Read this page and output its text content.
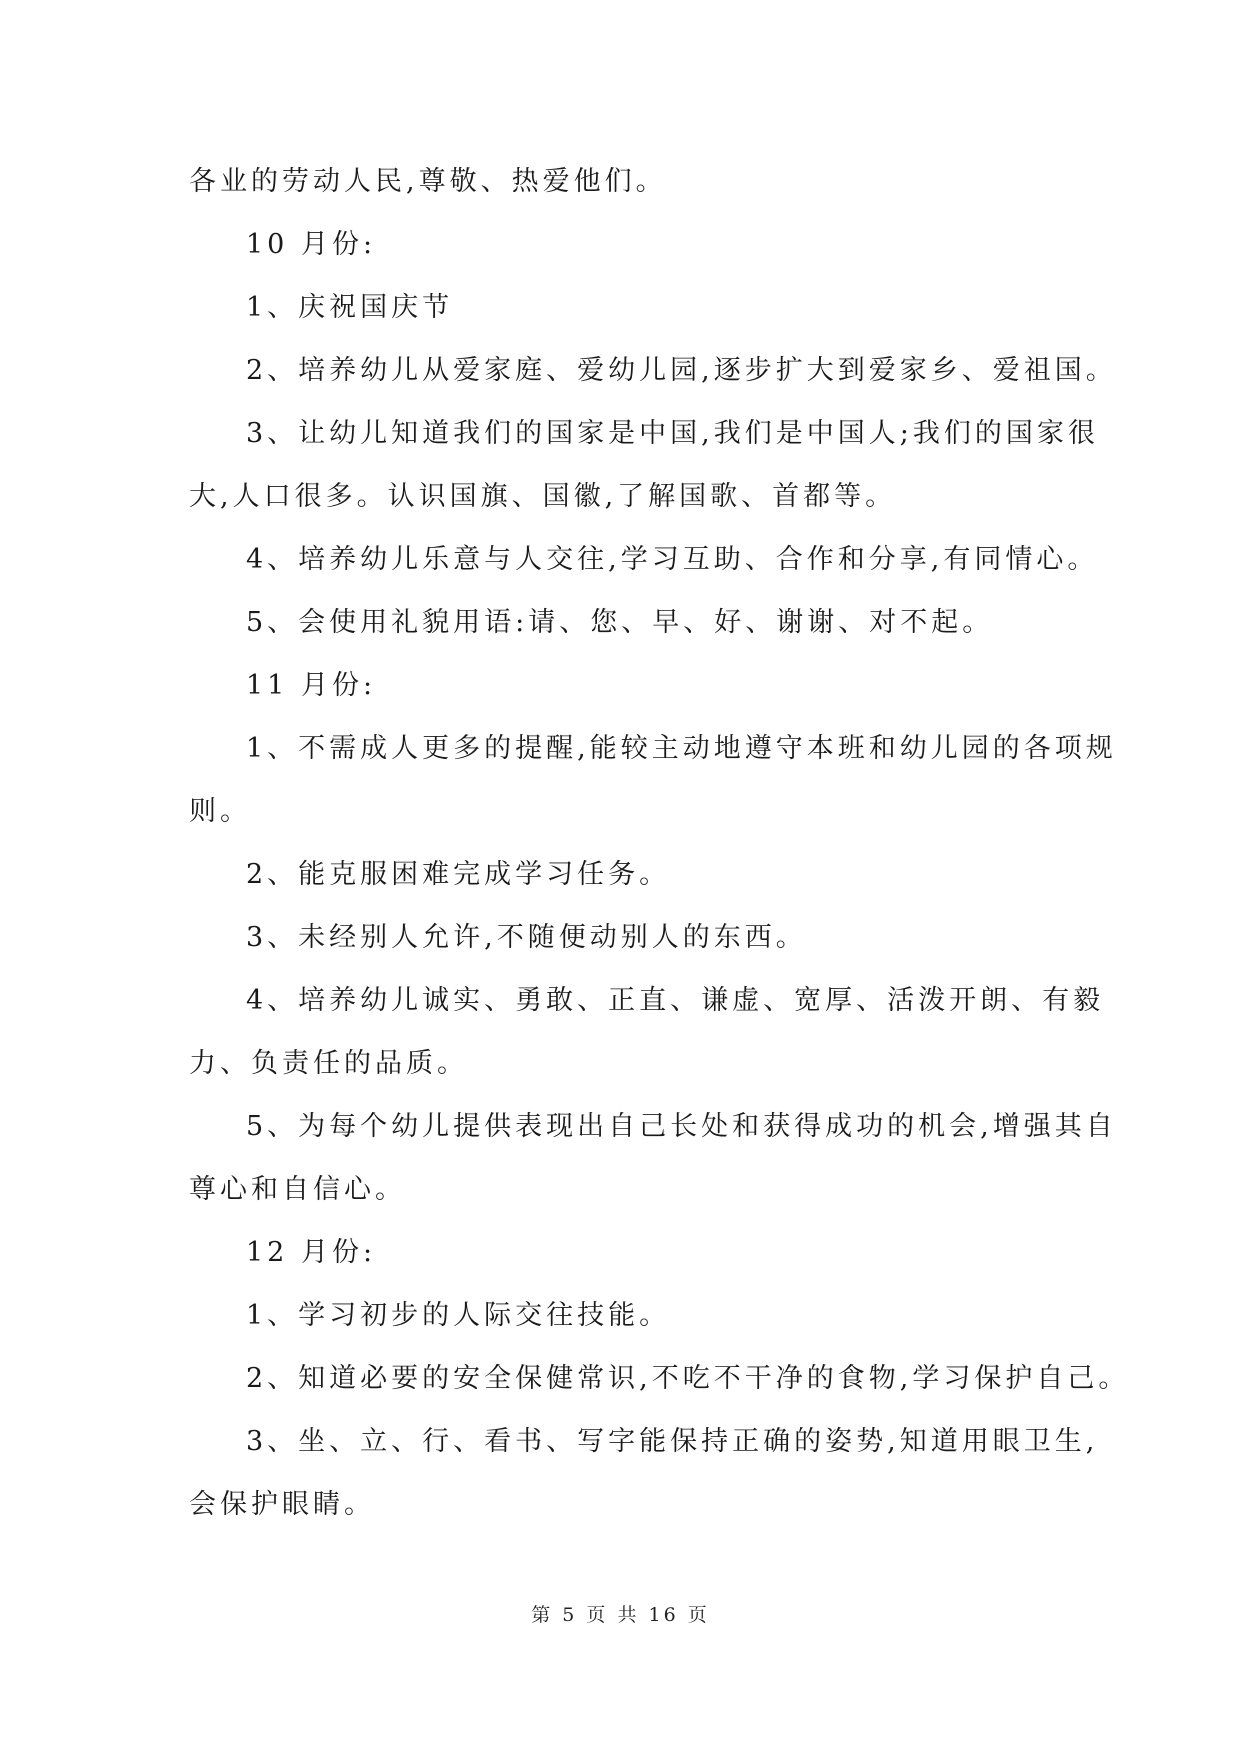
各业的劳动人民,尊敬、热爱他们。
10 月份:
1、庆祝国庆节
2、培养幼儿从爱家庭、爱幼儿园,逐步扩大到爱家乡、爱祖国。
3、让幼儿知道我们的国家是中国,我们是中国人;我们的国家很
大,人口很多。认识国旗、国徽,了解国歌、首都等。
4、培养幼儿乐意与人交往,学习互助、合作和分享,有同情心。
5、会使用礼貌用语:请、您、早、好、谢谢、对不起。
11 月份:
1、不需成人更多的提醒,能较主动地遵守本班和幼儿园的各项规
则。
2、能克服困难完成学习任务。
3、未经别人允许,不随便动别人的东西。
4、培养幼儿诚实、勇敢、正直、谦虚、宽厚、活泼开朗、有毅
力、负责任的品质。
5、为每个幼儿提供表现出自己长处和获得成功的机会,增强其自
尊心和自信心。
12 月份:
1、学习初步的人际交往技能。
2、知道必要的安全保健常识,不吃不干净的食物,学习保护自己。
3、坐、立、行、看书、写字能保持正确的姿势,知道用眼卫生,
会保护眼睛。
第 5 页 共 16 页
